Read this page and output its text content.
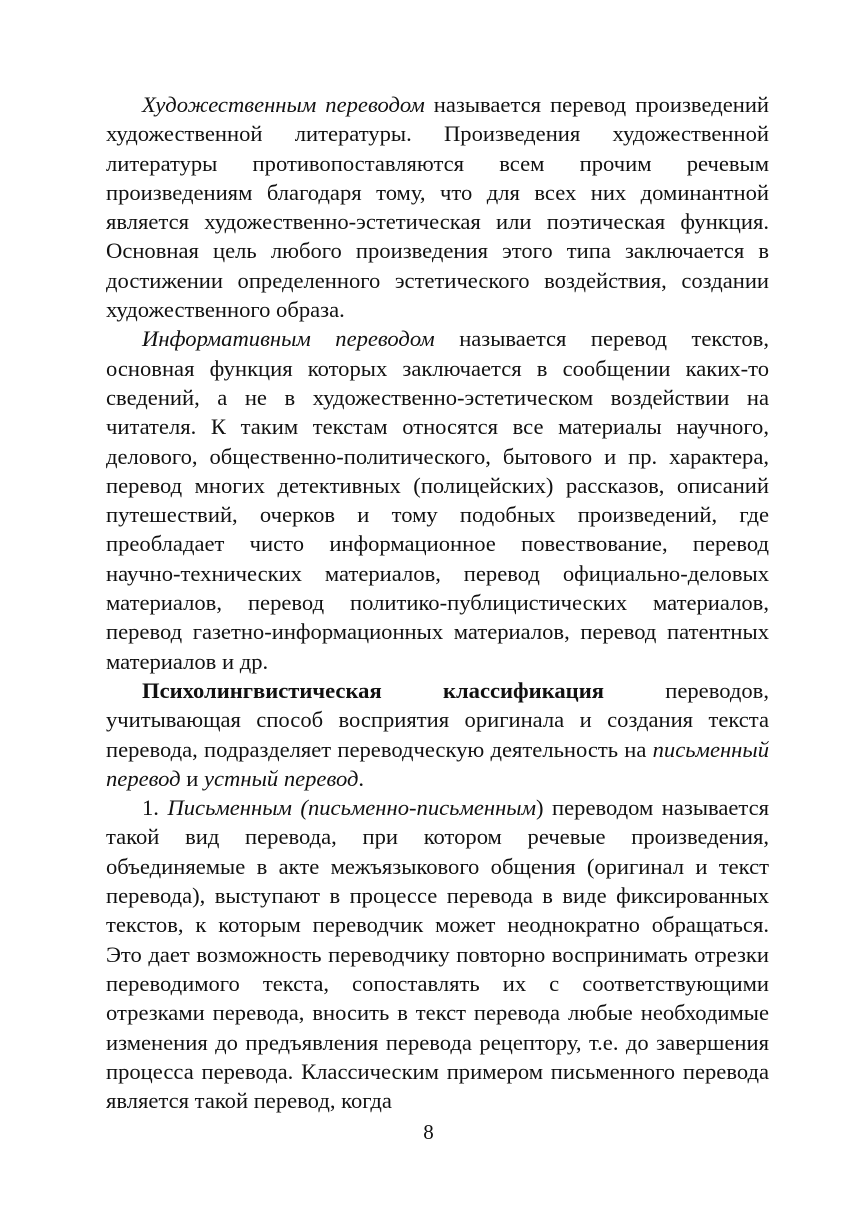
Художественным переводом называется перевод произведений художественной литературы. Произведения художественной литературы противопоставляются всем прочим речевым произведениям благодаря тому, что для всех них доминантной является художественно-эстетическая или поэтическая функция. Основная цель любого произведения этого типа заключается в достижении определенного эстетического воздействия, создании художественного образа.

Информативным переводом называется перевод текстов, основная функция которых заключается в сообщении каких-то сведений, а не в художественно-эстетическом воздействии на читателя. К таким текстам относятся все материалы научного, делового, общественно-политического, бытового и пр. характера, перевод многих детективных (полицейских) рассказов, описаний путешествий, очерков и тому подобных произведений, где преобладает чисто информационное повествование, перевод научно-технических материалов, перевод официально-деловых материалов, перевод политико-публицистических материалов, перевод газетно-информационных материалов, перевод патентных материалов и др.

Психолингвистическая классификация переводов, учитывающая способ восприятия оригинала и создания текста перевода, подразделяет переводческую деятельность на письменный перевод и устный перевод.

1. Письменным (письменно-письменным) переводом называется такой вид перевода, при котором речевые произведения, объединяемые в акте межъязыкового общения (оригинал и текст перевода), выступают в процессе перевода в виде фиксированных текстов, к которым переводчик может неоднократно обращаться. Это дает возможность переводчику повторно воспринимать отрезки переводимого текста, сопоставлять их с соответствующими отрезками перевода, вносить в текст перевода любые необходимые изменения до предъявления перевода рецептору, т.е. до завершения процесса перевода. Классическим примером письменного перевода является такой перевод, когда

8
